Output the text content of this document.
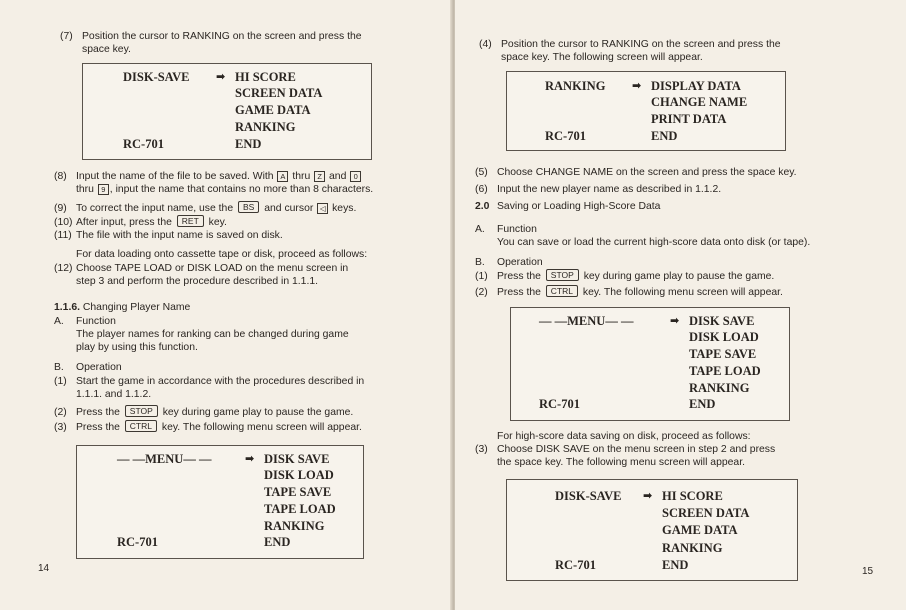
(7) Position the cursor to RANKING on the screen and press the
space key.
DISK-SAVE
RC-701
➡ HI SCORE
SCREEN DATA
GAME DATA
RANKING
END
(8) Input the name of the file to be saved. With A thru Z and 0
thru 9 , input the name that contains no more than 8 characters.
(9) To correct the input name, use the BS and cursor ◁ keys.
(10) After input, press the RET key.
(11) The file with the input name is saved on disk.
For data loading onto cassette tape or disk, proceed as follows:
(12) Choose TAPE LOAD or DISK LOAD on the menu screen in
step 3 and perform the procedure described in 1.1.1.
1.1.6. Changing Player Name
A. Function
The player names for ranking can be changed during game
play by using this function.
B. Operation
(1) Start the game in accordance with the procedures described in
1.1.1. and 1.1.2.
(2) Press the STOP key during game play to pause the game.
(3) Press the CTRL key. The following menu screen will appear.
— —MENU— —
RC-701
➡ DISK SAVE
DISK LOAD
TAPE SAVE
TAPE LOAD
RANKING
END
14
(4) Position the cursor to RANKING on the screen and press the
space key. The following screen will appear.
RANKING
RC-701
➡ DISPLAY DATA
CHANGE NAME
PRINT DATA
END
(5) Choose CHANGE NAME on the screen and press the space key.
(6) Input the new player name as described in 1.1.2.
2.0 Saving or Loading High-Score Data
A. Function
You can save or load the current high-score data onto disk (or tape).
B. Operation
(1) Press the STOP key during game play to pause the game.
(2) Press the CTRL key. The following menu screen will appear.
— —MENU— —
RC-701
➡ DISK SAVE
DISK LOAD
TAPE SAVE
TAPE LOAD
RANKING
END
For high-score data saving on disk, proceed as follows:
(3) Choose DISK SAVE on the menu screen in step 2 and press
the space key. The following menu screen will appear.
DISK-SAVE
RC-701
➡ HI SCORE
SCREEN DATA
GAME DATA
RANKING
END	15
